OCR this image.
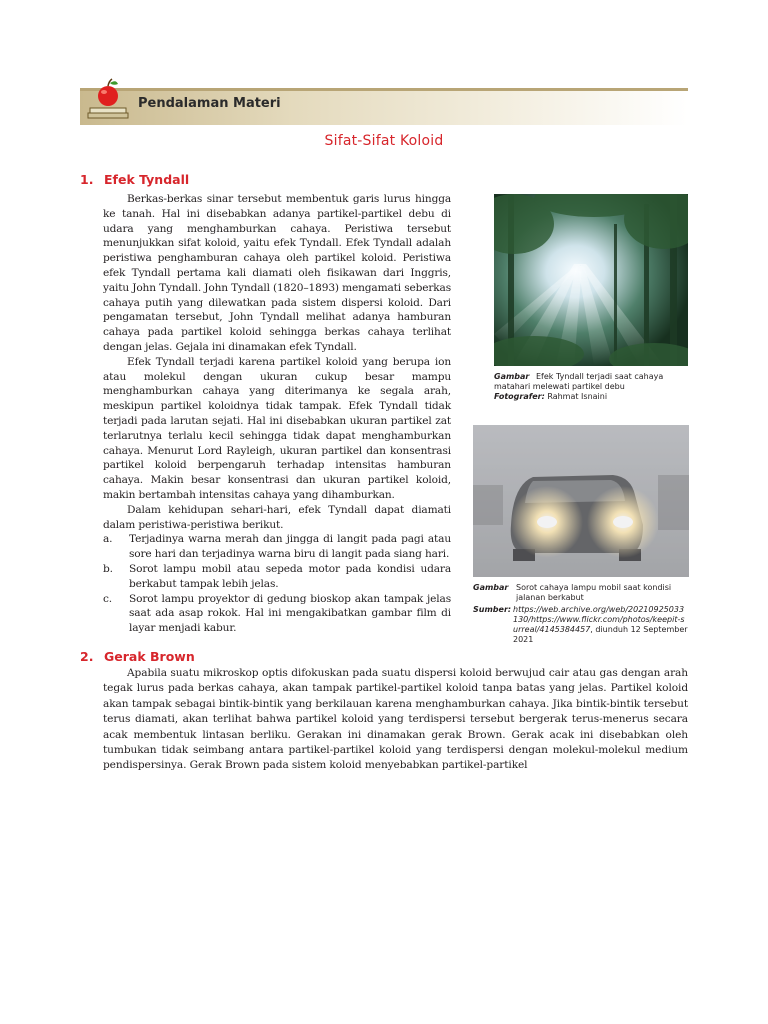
Pendalaman Materi
Sifat-Sifat Koloid
1. Efek Tyndall

Berkas-berkas sinar tersebut membentuk garis lurus hingga ke tanah. Hal ini disebabkan adanya partikel-partikel debu di udara yang menghamburkan cahaya. Peristiwa tersebut menunjukkan sifat koloid, yaitu efek Tyndall. Efek Tyndall adalah peristiwa penghamburan cahaya oleh partikel koloid. Peristiwa efek Tyndall pertama kali diamati oleh fisikawan dari Inggris, yaitu John Tyndall. John Tyndall (1820–1893) mengamati seberkas cahaya putih yang dilewatkan pada sistem dispersi koloid. Dari pengamatan tersebut, John Tyndall melihat adanya hamburan cahaya pada partikel koloid sehingga berkas cahaya terlihat dengan jelas. Gejala ini dinamakan efek Tyndall.

Efek Tyndall terjadi karena partikel koloid yang berupa ion atau molekul dengan ukuran cukup besar mampu menghamburkan cahaya yang diterimanya ke segala arah, meskipun partikel koloidnya tidak tampak. Efek Tyndall tidak terjadi pada larutan sejati. Hal ini disebabkan ukuran partikel zat terlarutnya terlalu kecil sehingga tidak dapat menghamburkan cahaya. Menurut Lord Rayleigh, ukuran partikel dan konsentrasi partikel koloid berpengaruh terhadap intensitas hamburan cahaya. Makin besar konsentrasi dan ukuran partikel koloid, makin bertambah intensitas cahaya yang dihamburkan.

Dalam kehidupan sehari-hari, efek Tyndall dapat diamati dalam peristiwa-peristiwa berikut.

a. Terjadinya warna merah dan jingga di langit pada pagi atau sore hari dan terjadinya warna biru di langit pada siang hari.
b. Sorot lampu mobil atau sepeda motor pada kondisi udara berkabut tampak lebih jelas.
c. Sorot lampu proyektor di gedung bioskop akan tampak jelas saat ada asap rokok. Hal ini mengakibatkan gambar film di layar menjadi kabur.
Gambar Efek Tyndall terjadi saat cahaya matahari melewati partikel debu
Fotografer: Rahmat Isnaini
Gambar Sorot cahaya lampu mobil saat kondisi jalanan berkabut
Sumber: https://web.archive.org/web/20210925033130/https://www.flickr.com/photos/keepit-surreal/4145384457, diunduh 12 September 2021
2. Gerak Brown

Apabila suatu mikroskop optis difokuskan pada suatu dispersi koloid berwujud cair atau gas dengan arah tegak lurus pada berkas cahaya, akan tampak partikel-partikel koloid tanpa batas yang jelas. Partikel koloid akan tampak sebagai bintik-bintik yang berkilauan karena menghamburkan cahaya. Jika bintik-bintik tersebut terus diamati, akan terlihat bahwa partikel koloid yang terdispersi tersebut bergerak terus-menerus secara acak membentuk lintasan berliku. Gerakan ini dinamakan gerak Brown. Gerak acak ini disebabkan oleh tumbukan tidak seimbang antara partikel-partikel koloid yang terdispersi dengan molekul-molekul medium pendispersinya. Gerak Brown pada sistem koloid menyebabkan partikel-partikel
